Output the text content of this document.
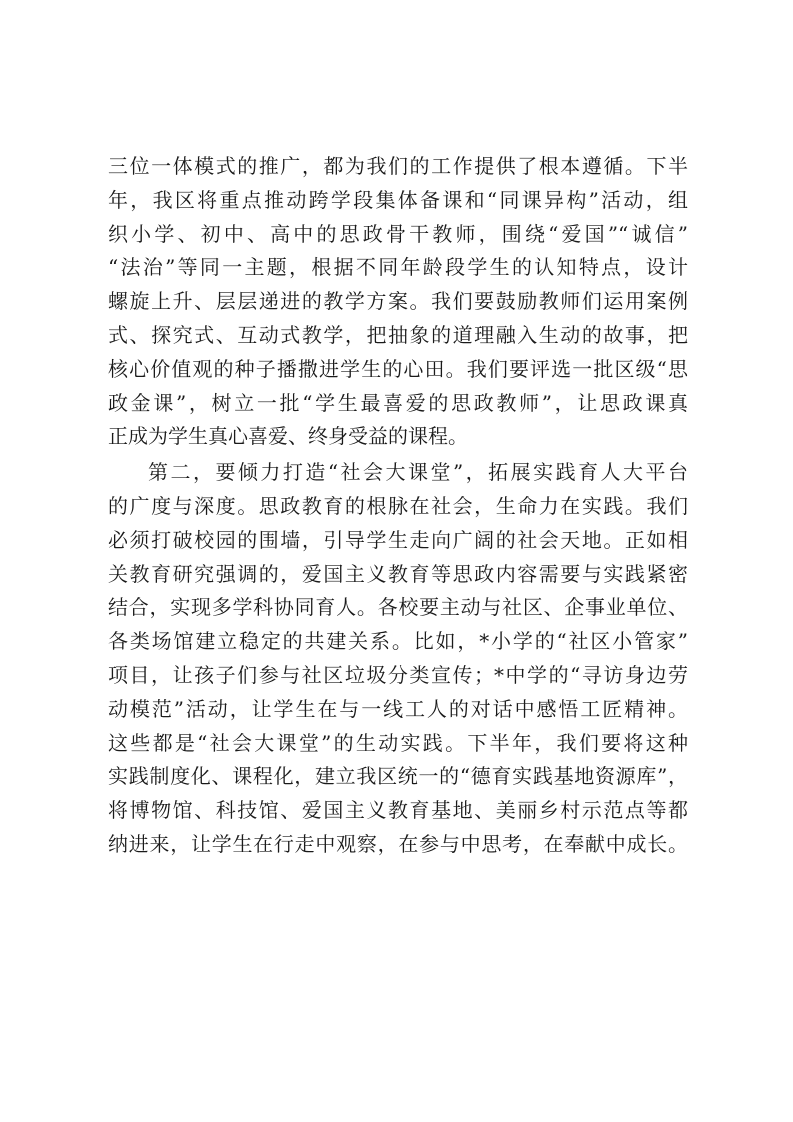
三位一体模式的推广，都为我们的工作提供了根本遵循。下半
年，我区将重点推动跨学段集体备课和“同课异构”活动，组
织小学、初中、高中的思政骨干教师，围绕“爱国”“诚信”
“法治”等同一主题，根据不同年龄段学生的认知特点，设计
螺旋上升、层层递进的教学方案。我们要鼓励教师们运用案例
式、探究式、互动式教学，把抽象的道理融入生动的故事，把
核心价值观的种子播撒进学生的心田。我们要评选一批区级“思
政金课”，树立一批“学生最喜爱的思政教师”，让思政课真
正成为学生真心喜爱、终身受益的课程。
第二，要倾力打造“社会大课堂”，拓展实践育人大平台
的广度与深度。思政教育的根脉在社会，生命力在实践。我们
必须打破校园的围墙，引导学生走向广阔的社会天地。正如相
关教育研究强调的，爱国主义教育等思政内容需要与实践紧密
结合，实现多学科协同育人。各校要主动与社区、企事业单位、
各类场馆建立稳定的共建关系。比如，*小学的“社区小管家”
项目，让孩子们参与社区垃圾分类宣传；*中学的“寻访身边劳
动模范”活动，让学生在与一线工人的对话中感悟工匠精神。
这些都是“社会大课堂”的生动实践。下半年，我们要将这种
实践制度化、课程化，建立我区统一的“德育实践基地资源库”，
将博物馆、科技馆、爱国主义教育基地、美丽乡村示范点等都
纳进来，让学生在行走中观察，在参与中思考，在奉献中成长。
